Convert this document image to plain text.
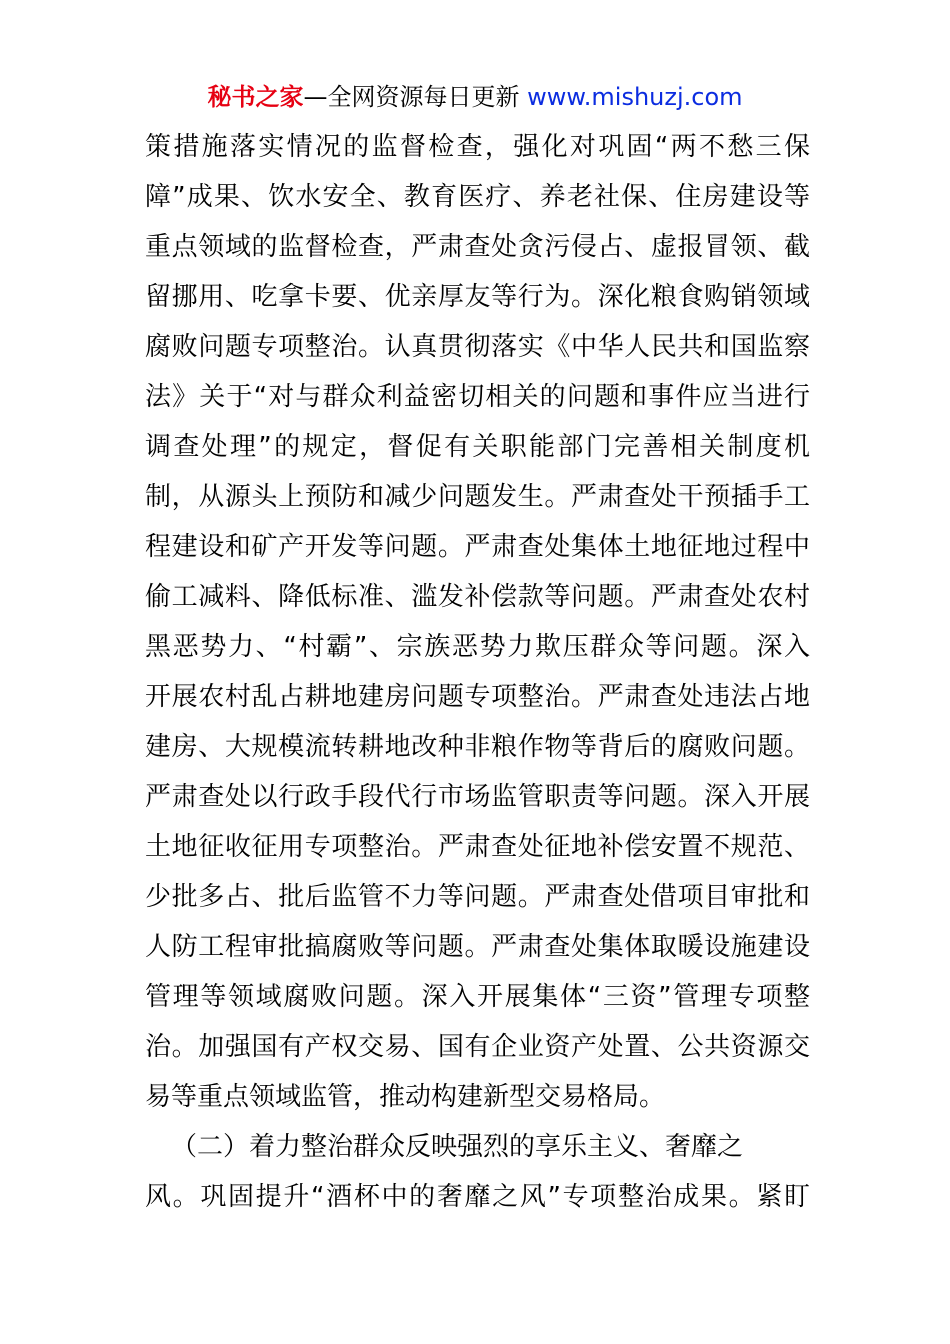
秘书之家—全网资源每日更新 www.mishuzj.com
策措施落实情况的监督检查，强化对巩固“两不愁三保
障”成果、饮水安全、教育医疗、养老社保、住房建设等
重点领域的监督检查，严肃查处贪污侵占、虚报冒领、截
留挪用、吃拿卡要、优亲厚友等行为。深化粮食购销领域
腐败问题专项整治。认真贯彻落实《中华人民共和国监察
法》关于“对与群众利益密切相关的问题和事件应当进行
调查处理”的规定，督促有关职能部门完善相关制度机
制，从源头上预防和减少问题发生。严肃查处干预插手工
程建设和矿产开发等问题。严肃查处集体土地征地过程中
偷工减料、降低标准、滥发补偿款等问题。严肃查处农村
黑恶势力、“村霸”、宗族恶势力欺压群众等问题。深入
开展农村乱占耕地建房问题专项整治。严肃查处违法占地
建房、大规模流转耕地改种非粮作物等背后的腐败问题。
严肃查处以行政手段代行市场监管职责等问题。深入开展
土地征收征用专项整治。严肃查处征地补偿安置不规范、
少批多占、批后监管不力等问题。严肃查处借项目审批和
人防工程审批搞腐败等问题。严肃查处集体取暖设施建设
管理等领域腐败问题。深入开展集体“三资”管理专项整
治。加强国有产权交易、国有企业资产处置、公共资源交
易等重点领域监管，推动构建新型交易格局。
（二）着力整治群众反映强烈的享乐主义、奢靡之
风。巩固提升“酒杯中的奢靡之风”专项整治成果。紧盯
